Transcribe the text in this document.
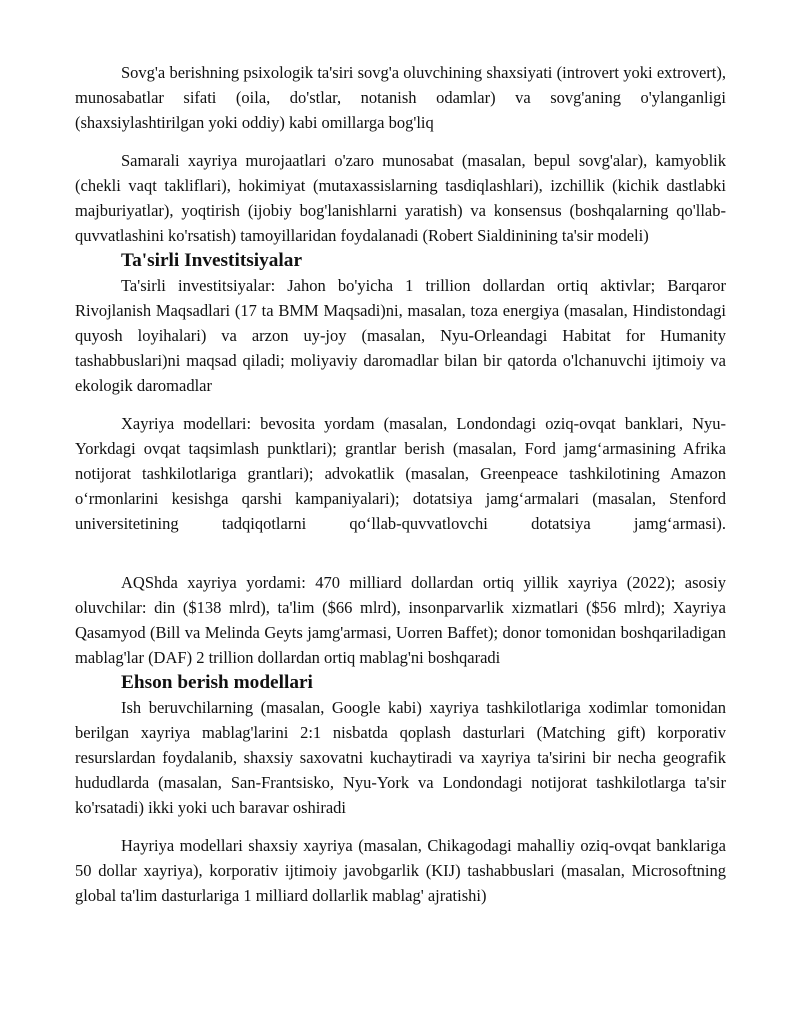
Sovg'a berishning psixologik ta'siri sovg'a oluvchining shaxsiyati (introvert yoki extrovert), munosabatlar sifati (oila, do'stlar, notanish odamlar) va sovg'aning o'ylanganligi (shaxsiylashtirilgan yoki oddiy) kabi omillarga bog'liq

Samarali xayriya murojaatlari o'zaro munosabat (masalan, bepul sovg'alar), kamyoblik (chekli vaqt takliflari), hokimiyat (mutaxassislarning tasdiqlashlari), izchillik (kichik dastlabki majburiyatlar), yoqtirish (ijobiy bog'lanishlarni yaratish) va konsensus (boshqalarning qo'llab-quvvatlashini ko'rsatish) tamoyillaridan foydalanadi (Robert Sialdinining ta'sir modeli)

Ta'sirli Investitsiyalar

Ta'sirli investitsiyalar: Jahon bo'yicha 1 trillion dollardan ortiq aktivlar; Barqaror Rivojlanish Maqsadlari (17 ta BMM Maqsadi)ni, masalan, toza energiya (masalan, Hindistondagi quyosh loyihalari) va arzon uy-joy (masalan, Nyu-Orleandagi Habitat for Humanity tashabbuslari)ni maqsad qiladi; moliyaviy daromadlar bilan bir qatorda o'lchanuvchi ijtimoiy va ekologik daromadlar

Xayriya modellari: bevosita yordam (masalan, Londondagi oziq-ovqat banklari, Nyu-Yorkdagi ovqat taqsimlash punktlari); grantlar berish (masalan, Ford jamg‘armasining Afrika notijorat tashkilotlariga grantlari); advokatlik (masalan, Greenpeace tashkilotining Amazon o‘rmonlarini kesishga qarshi kampaniyalari); dotatsiya jamg‘armalari (masalan, Stenford universitetining tadqiqotlarni qo‘llab-quvvatlovchi dotatsiya jamg‘armasi).

AQShda xayriya yordami: 470 milliard dollardan ortiq yillik xayriya (2022); asosiy oluvchilar: din ($138 mlrd), ta'lim ($66 mlrd), insonparvarlik xizmatlari ($56 mlrd); Xayriya Qasamyod (Bill va Melinda Geyts jamg'armasi, Uorren Baffet); donor tomonidan boshqariladigan mablag'lar (DAF) 2 trillion dollardan ortiq mablag'ni boshqaradi

Ehson berish modellari

Ish beruvchilarning (masalan, Google kabi) xayriya tashkilotlariga xodimlar tomonidan berilgan xayriya mablag'larini 2:1 nisbatda qoplash dasturlari (Matching gift) korporativ resurslardan foydalanib, shaxsiy saxovatni kuchaytiradi va xayriya ta'sirini bir necha geografik hududlarda (masalan, San-Frantsisko, Nyu-York va Londondagi notijorat tashkilotlarga ta'sir ko'rsatadi) ikki yoki uch baravar oshiradi

Hayriya modellari shaxsiy xayriya (masalan, Chikagodagi mahalliy oziq-ovqat banklariga 50 dollar xayriya), korporativ ijtimoiy javobgarlik (KIJ) tashabbuslari (masalan, Microsoftning global ta'lim dasturlariga 1 milliard dollarlik mablag' ajratishi)
